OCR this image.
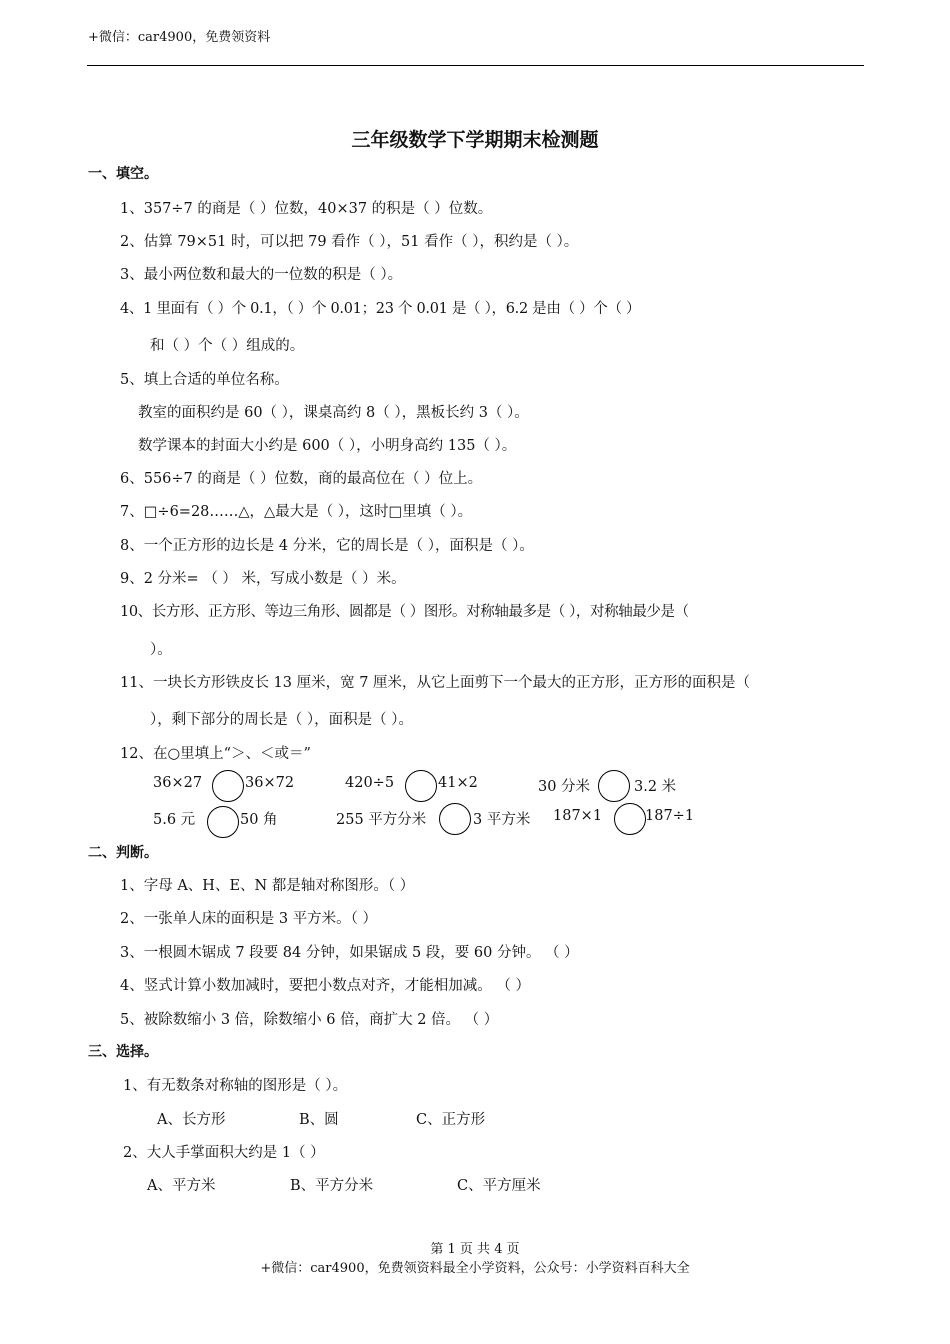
+微信：car4900，免费领资料
三年级数学下学期期末检测题
一、填空。
1、357÷7 的商是（ ）位数，40×37 的积是（ ）位数。
2、估算 79×51 时，可以把 79 看作（ ），51 看作（ ），积约是（ ）。
3、最小两位数和最大的一位数的积是（ ）。
4、1 里面有（ ）个 0.1，（ ）个 0.01；23 个 0.01 是（ ），6.2 是由（ ）个（ ）
和（ ）个（ ）组成的。
5、填上合适的单位名称。
教室的面积约是 60（ ），课桌高约 8（ ），黑板长约 3（ ）。
数学课本的封面大小约是 600（ ），小明身高约 135（ ）。
6、556÷7 的商是（ ）位数，商的最高位在（ ）位上。
7、□÷6=28……△，△最大是（ ），这时□里填（ ）。
8、一个正方形的边长是 4 分米，它的周长是（ ），面积是（ ）。
9、2 分米= （ ） 米，写成小数是（ ）米。
10、长方形、正方形、等边三角形、圆都是（ ）图形。对称轴最多是（ ），对称轴最少是（
）。
11、一块长方形铁皮长 13 厘米，宽 7 厘米，从它上面剪下一个最大的正方形，正方形的面积是（
），剩下部分的周长是（ ），面积是（ ）。
12、在○里填上“＞、＜或＝”
36×27	36×72	420÷5	41×2	30 分米	3.2 米
5.6 元	50 角	255 平方分米	3 平方米 187×1	187÷1
二、判断。
1、字母 A、H、E、N 都是轴对称图形。（ ）
2、一张单人床的面积是 3 平方米。（ ）
3、一根圆木锯成 7 段要 84 分钟，如果锯成 5 段，要 60 分钟。 （ ）
4、竖式计算小数加减时，要把小数点对齐，才能相加减。 （ ）
5、被除数缩小 3 倍，除数缩小 6 倍，商扩大 2 倍。 （ ）
三、选择。
1、有无数条对称轴的图形是（ ）。
A、长方形	B、圆	C、正方形
2、大人手掌面积大约是 1（ ）
A、平方米	B、平方分米	C、平方厘米
第 1 页 共 4 页
+微信：car4900，免费领资料最全小学资料，公众号：小学资料百科大全
